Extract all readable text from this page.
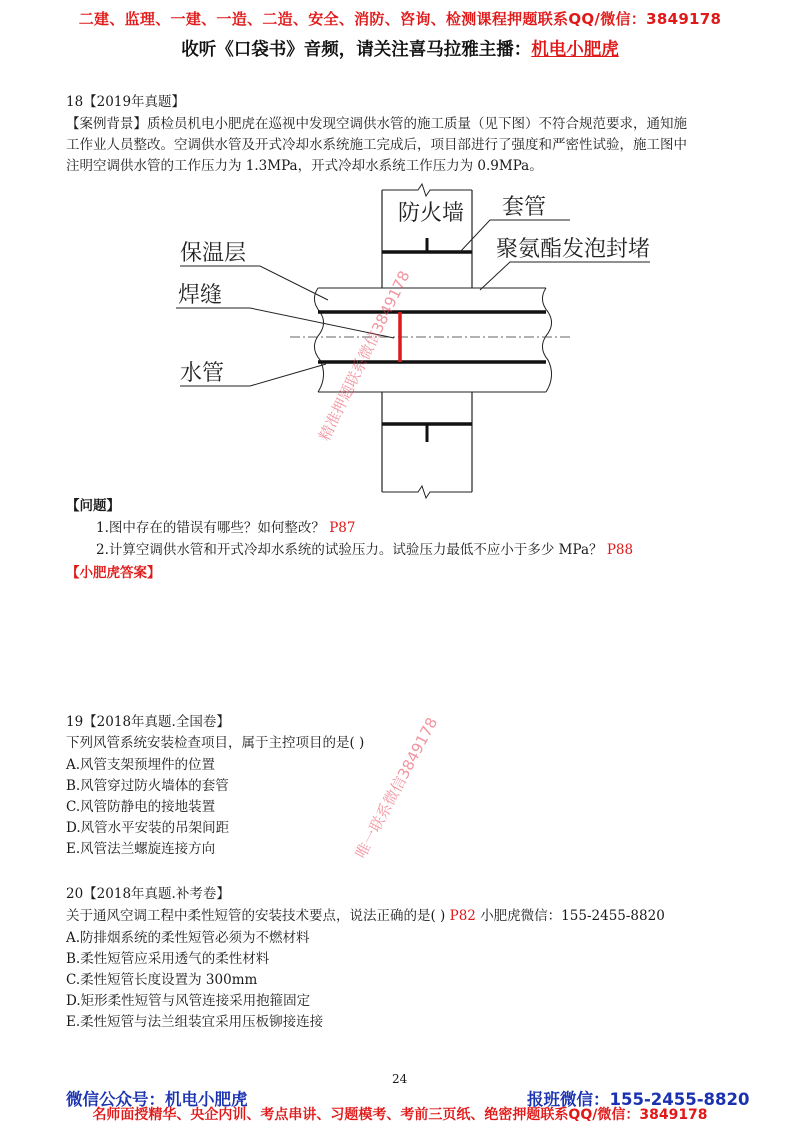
二建、监理、一建、一造、二造、安全、消防、咨询、检测课程押题联系QQ/微信：3849178
收听《口袋书》音频，请关注喜马拉雅主播：机电小肥虎
18【2019年真题】
【案例背景】质检员机电小肥虎在巡视中发现空调供水管的施工质量（见下图）不符合规范要求，通知施
工作业人员整改。空调供水管及开式冷却水系统施工完成后，项目部进行了强度和严密性试验，施工图中
注明空调供水管的工作压力为 1.3MPa，开式冷却水系统工作压力为 0.9MPa。
防火墙 套管
聚氨酯发泡封堵
保温层
焊缝
水管	精准押题联系微信3849178
【问题】
1.图中存在的错误有哪些？如何整改？ P87
2.计算空调供水管和开式冷却水系统的试验压力。试验压力最低不应小于多少 MPa？ P88
【小肥虎答案】
19【2018年真题.全国卷】
下列风管系统安装检查项目，属于主控项目的是( )
A.风管支架预埋件的位置
B.风管穿过防火墙体的套管
C.风管防静电的接地装置
D.风管水平安装的吊架间距
E.风管法兰螺旋连接方向	唯一联系微信3849178
20【2018年真题.补考卷】
关于通风空调工程中柔性短管的安装技术要点，说法正确的是( ) P82 小肥虎微信：155-2455-8820
A.防排烟系统的柔性短管必须为不燃材料
B.柔性短管应采用透气的柔性材料
C.柔性短管长度设置为 300mm
D.矩形柔性短管与风管连接采用抱箍固定
E.柔性短管与法兰组装宜采用压板铆接连接
24
微信公众号：机电小肥虎	报班微信：155-2455-8820
名师面授精华、央企内训、考点串讲、习题模考、考前三页纸、绝密押题联系QQ/微信：3849178
